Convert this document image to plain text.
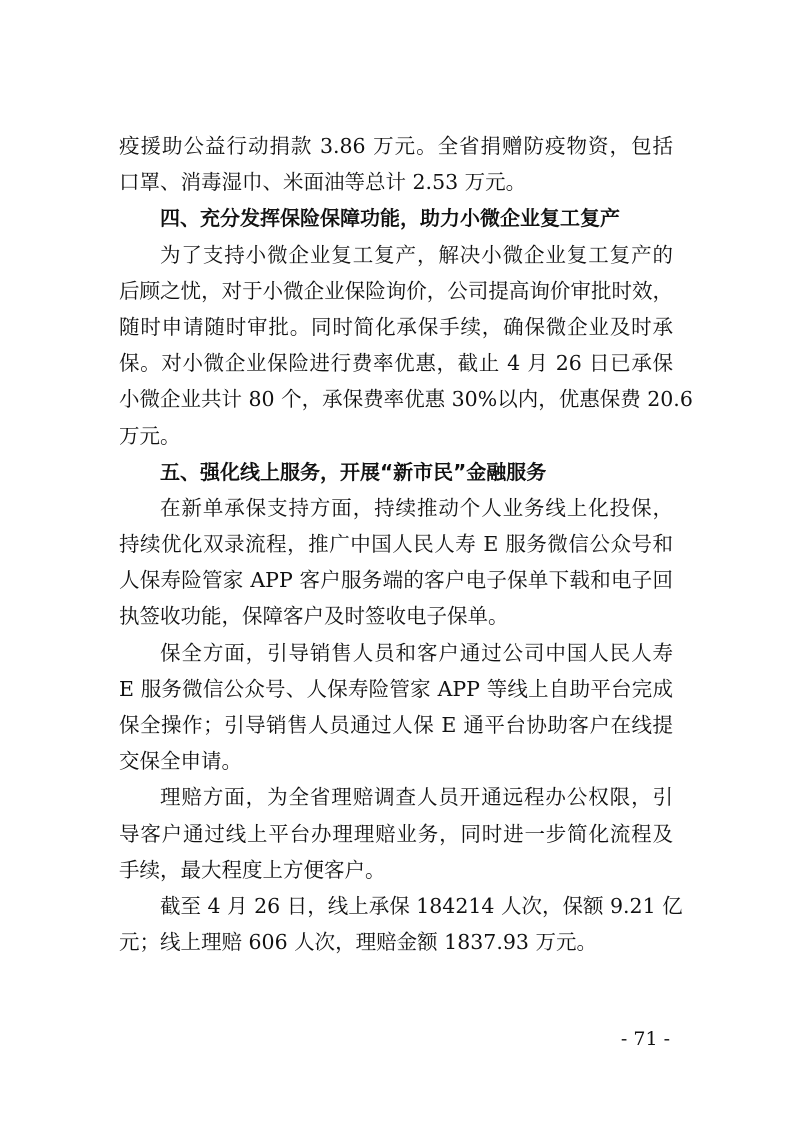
疫援助公益行动捐款 3.86 万元。全省捐赠防疫物资，包括
口罩、消毒湿巾、米面油等总计 2.53 万元。
四、充分发挥保险保障功能，助力小微企业复工复产
为了支持小微企业复工复产，解决小微企业复工复产的
后顾之忧，对于小微企业保险询价，公司提高询价审批时效，
随时申请随时审批。同时简化承保手续，确保微企业及时承
保。对小微企业保险进行费率优惠，截止 4 月 26 日已承保
小微企业共计 80 个，承保费率优惠 30%以内，优惠保费 20.6
万元。
五、强化线上服务，开展“新市民”金融服务
在新单承保支持方面，持续推动个人业务线上化投保，
持续优化双录流程，推广中国人民人寿 E 服务微信公众号和
人保寿险管家 APP 客户服务端的客户电子保单下载和电子回
执签收功能，保障客户及时签收电子保单。
保全方面，引导销售人员和客户通过公司中国人民人寿
E 服务微信公众号、人保寿险管家 APP 等线上自助平台完成
保全操作；引导销售人员通过人保 E 通平台协助客户在线提
交保全申请。
理赔方面，为全省理赔调查人员开通远程办公权限，引
导客户通过线上平台办理理赔业务，同时进一步简化流程及
手续，最大程度上方便客户。
截至 4 月 26 日，线上承保 184214 人次，保额 9.21 亿
元；线上理赔 606 人次，理赔金额 1837.93 万元。
- 71 -
